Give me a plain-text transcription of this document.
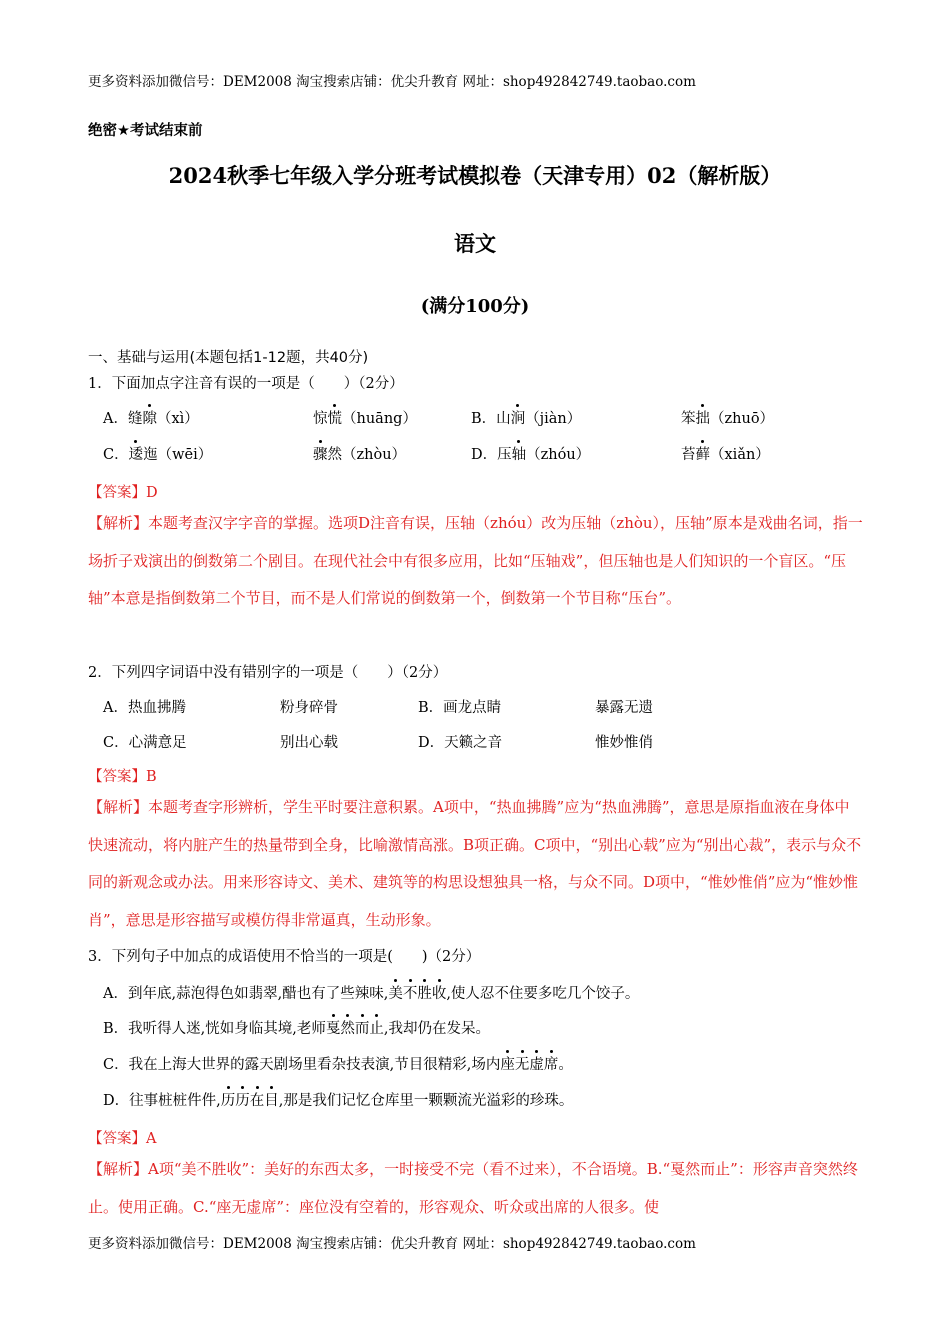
更多资料添加微信号：DEM2008 淘宝搜索店铺：优尖升教育 网址：shop492842749.taobao.com
绝密★考试结束前
2024秋季七年级入学分班考试模拟卷（天津专用）02（解析版）
语文
(满分100分)
一、基础与运用(本题包括1-12题，共40分)
1．下面加点字注音有误的一项是（　　）（2分）
A．缝隙（xì）	惊慌（huāng）	B．山涧（jiàn）	笨拙（zhuō）
C．逶迤（wēi）	骤然（zhòu）	D．压轴（zhóu）	苔藓（xiǎn）
【答案】D
【解析】本题考查汉字字音的掌握。选项D注音有误，压轴（zhóu）改为压轴（zhòu），压轴”原本是戏曲名词，指一场折子戏演出的倒数第二个剧目。在现代社会中有很多应用，比如“压轴戏”，但压轴也是人们知识的一个盲区。“压轴”本意是指倒数第二个节目，而不是人们常说的倒数第一个，倒数第一个节目称“压台”。
2．下列四字词语中没有错别字的一项是（　　）（2分）
A．热血拂腾	粉身碎骨	B．画龙点睛	暴露无遗
C．心满意足	别出心载	D．天籁之音	惟妙惟俏
【答案】B
【解析】本题考查字形辨析，学生平时要注意积累。A项中，“热血拂腾”应为“热血沸腾”，意思是原指血液在身体中快速流动，将内脏产生的热量带到全身，比喻激情高涨。B项正确。C项中，“别出心载”应为“别出心裁”，表示与众不同的新观念或办法。用来形容诗文、美术、建筑等的构思设想独具一格，与众不同。D项中，“惟妙惟俏”应为“惟妙惟肖”，意思是形容描写或模仿得非常逼真，生动形象。
3．下列句子中加点的成语使用不恰当的一项是(　　)（2分）
A．到年底,蒜泡得色如翡翠,醋也有了些辣味,美不胜收,使人忍不住要多吃几个饺子。
B．我听得人迷,恍如身临其境,老师戛然而止,我却仍在发呆。
C．我在上海大世界的露天剧场里看杂技表演,节目很精彩,场内座无虚席。
D．往事桩桩件件,历历在目,那是我们记忆仓库里一颗颗流光溢彩的珍珠。
【答案】A
【解析】A项“美不胜收”：美好的东西太多，一时接受不完（看不过来），不合语境。B.“戛然而止”：形容声音突然终止。使用正确。C.“座无虚席”：座位没有空着的，形容观众、听众或出席的人很多。使
更多资料添加微信号：DEM2008 淘宝搜索店铺：优尖升教育 网址：shop492842749.taobao.com
